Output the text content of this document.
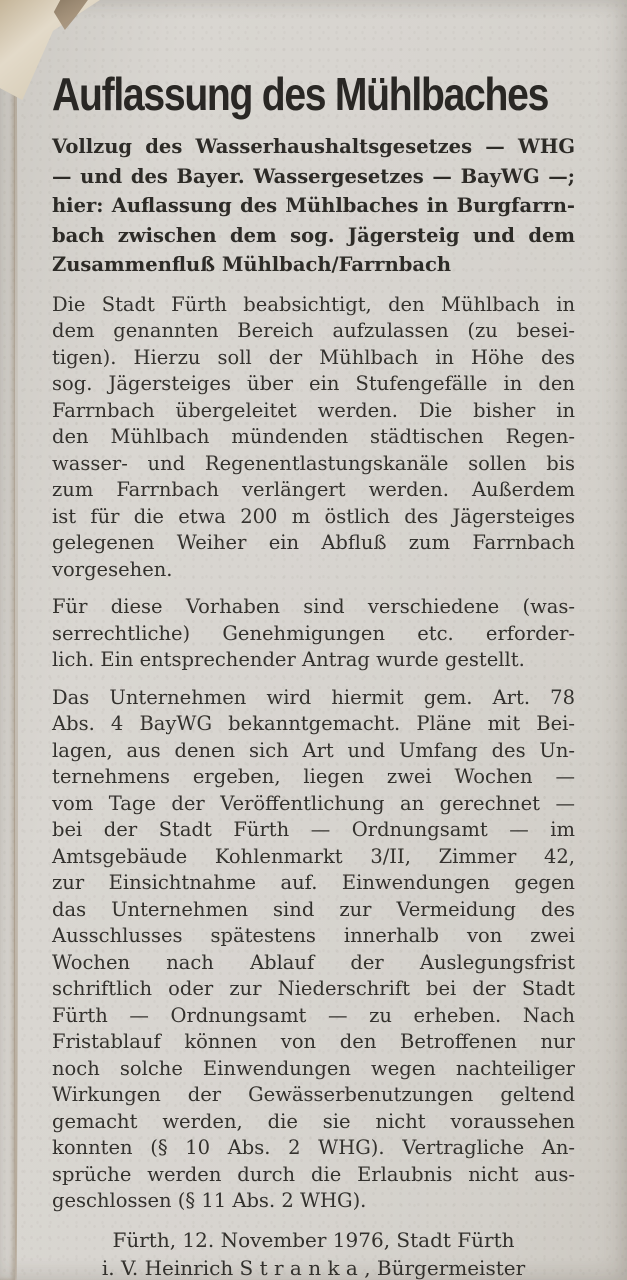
Auflassung des Mühlbaches
Vollzug des Wasserhaushaltsgesetzes — WHG
— und des Bayer. Wassergesetzes — BayWG —;
hier: Auflassung des Mühlbaches in Burgfarrn-
bach zwischen dem sog. Jägersteig und dem
Zusammenfluß Mühlbach/Farrnbach
Die Stadt Fürth beabsichtigt, den Mühlbach in
dem genannten Bereich aufzulassen (zu besei-
tigen). Hierzu soll der Mühlbach in Höhe des
sog. Jägersteiges über ein Stufengefälle in den
Farrnbach übergeleitet werden. Die bisher in
den Mühlbach mündenden städtischen Regen-
wasser- und Regenentlastungskanäle sollen bis
zum Farrnbach verlängert werden. Außerdem
ist für die etwa 200 m östlich des Jägersteiges
gelegenen Weiher ein Abfluß zum Farrnbach
vorgesehen.
Für diese Vorhaben sind verschiedene (was-
serrechtliche) Genehmigungen etc. erforder-
lich. Ein entsprechender Antrag wurde gestellt.
Das Unternehmen wird hiermit gem. Art. 78
Abs. 4 BayWG bekanntgemacht. Pläne mit Bei-
lagen, aus denen sich Art und Umfang des Un-
ternehmens ergeben, liegen zwei Wochen —
vom Tage der Veröffentlichung an gerechnet —
bei der Stadt Fürth — Ordnungsamt — im
Amtsgebäude Kohlenmarkt 3/II, Zimmer 42,
zur Einsichtnahme auf. Einwendungen gegen
das Unternehmen sind zur Vermeidung des
Ausschlusses spätestens innerhalb von zwei
Wochen nach Ablauf der Auslegungsfrist
schriftlich oder zur Niederschrift bei der Stadt
Fürth — Ordnungsamt — zu erheben. Nach
Fristablauf können von den Betroffenen nur
noch solche Einwendungen wegen nachteiliger
Wirkungen der Gewässerbenutzungen geltend
gemacht werden, die sie nicht voraussehen
konnten (§ 10 Abs. 2 WHG). Vertragliche An-
sprüche werden durch die Erlaubnis nicht aus-
geschlossen (§ 11 Abs. 2 WHG).
Fürth, 12. November 1976, Stadt Fürth
i. V. Heinrich S t r a n k a , Bürgermeister
